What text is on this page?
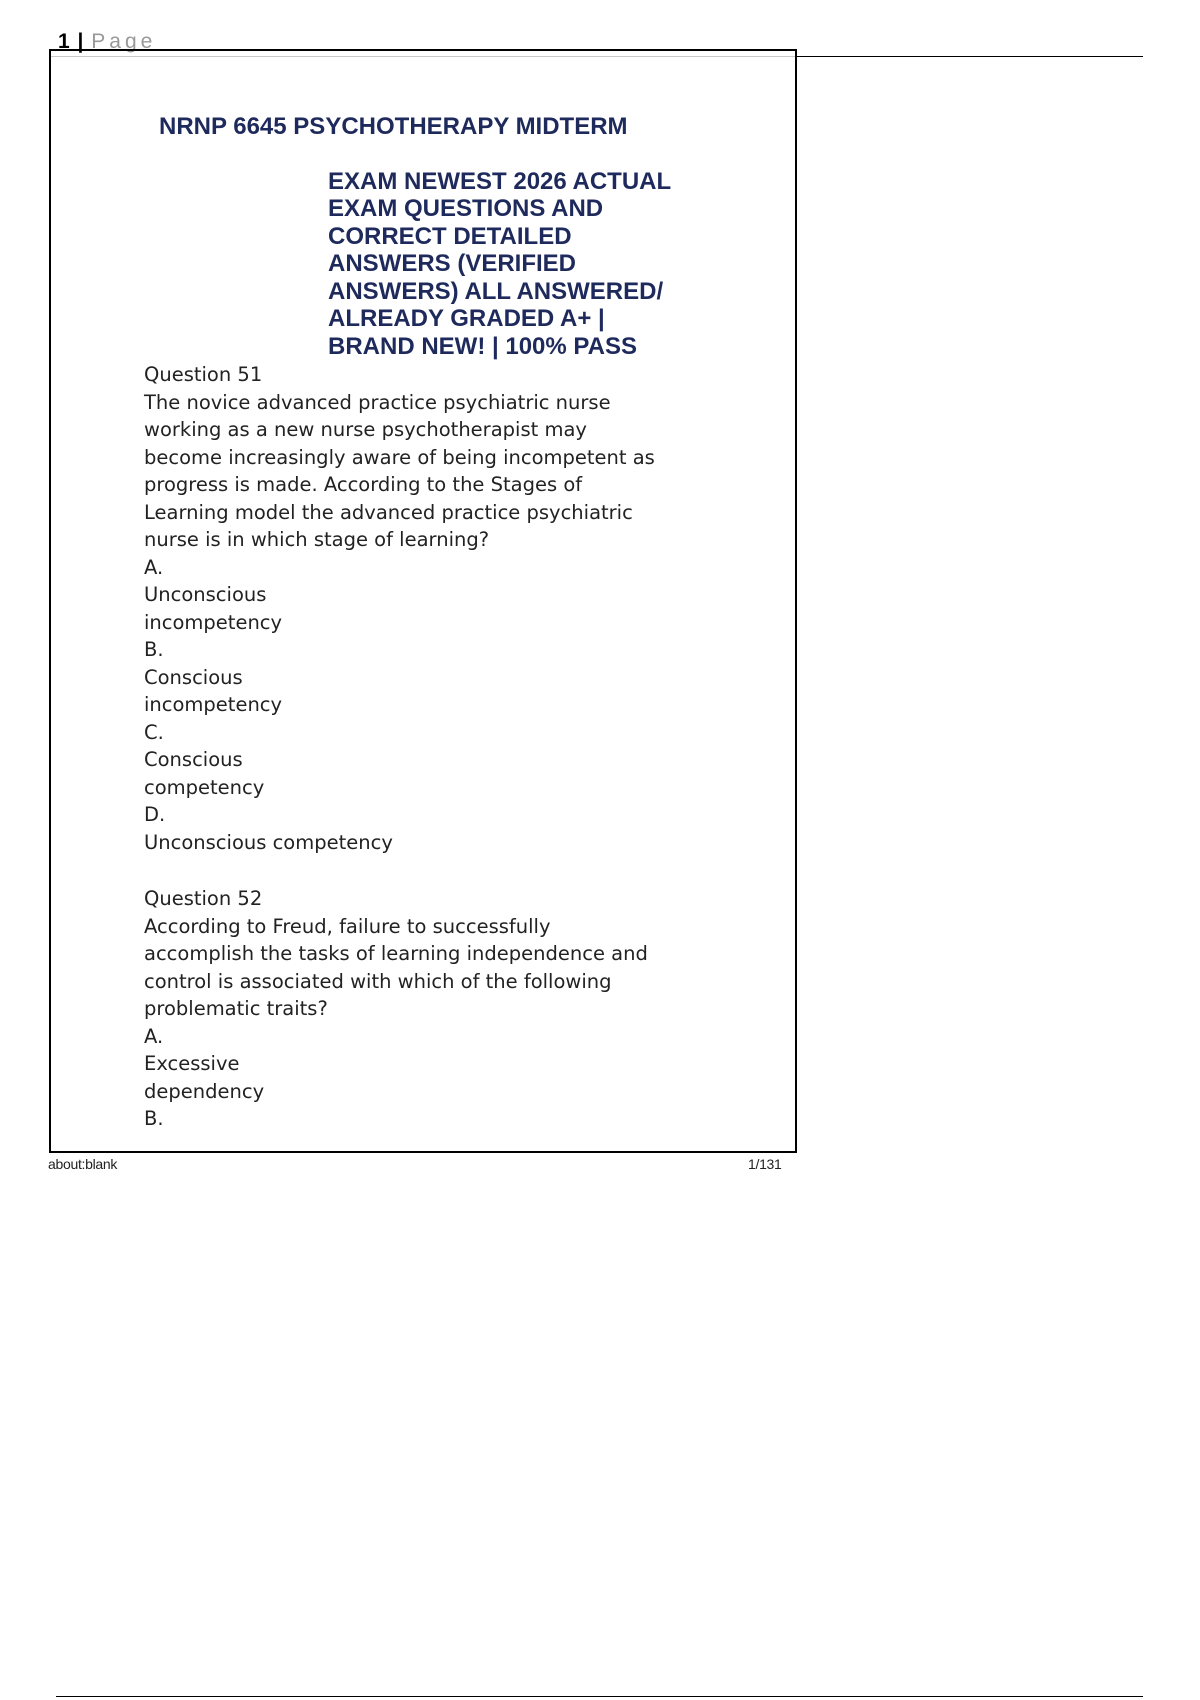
1 | Page

NRNP 6645 PSYCHOTHERAPY MIDTERM

EXAM NEWEST 2026 ACTUAL
EXAM QUESTIONS AND
CORRECT DETAILED
ANSWERS (VERIFIED
ANSWERS) ALL ANSWERED/
ALREADY GRADED A+ |
BRAND NEW! | 100% PASS

Question 51
The novice advanced practice psychiatric nurse
working as a new nurse psychotherapist may
become increasingly aware of being incompetent as
progress is made. According to the Stages of
Learning model the advanced practice psychiatric
nurse is in which stage of learning?
A.
Unconscious
incompetency
B.
Conscious
incompetency
C.
Conscious
competency
D.
Unconscious competency
Question 52
According to Freud, failure to successfully
accomplish the tasks of learning independence and
control is associated with which of the following
problematic traits?
A.
Excessive
dependency
B.
about:blank	1/131
